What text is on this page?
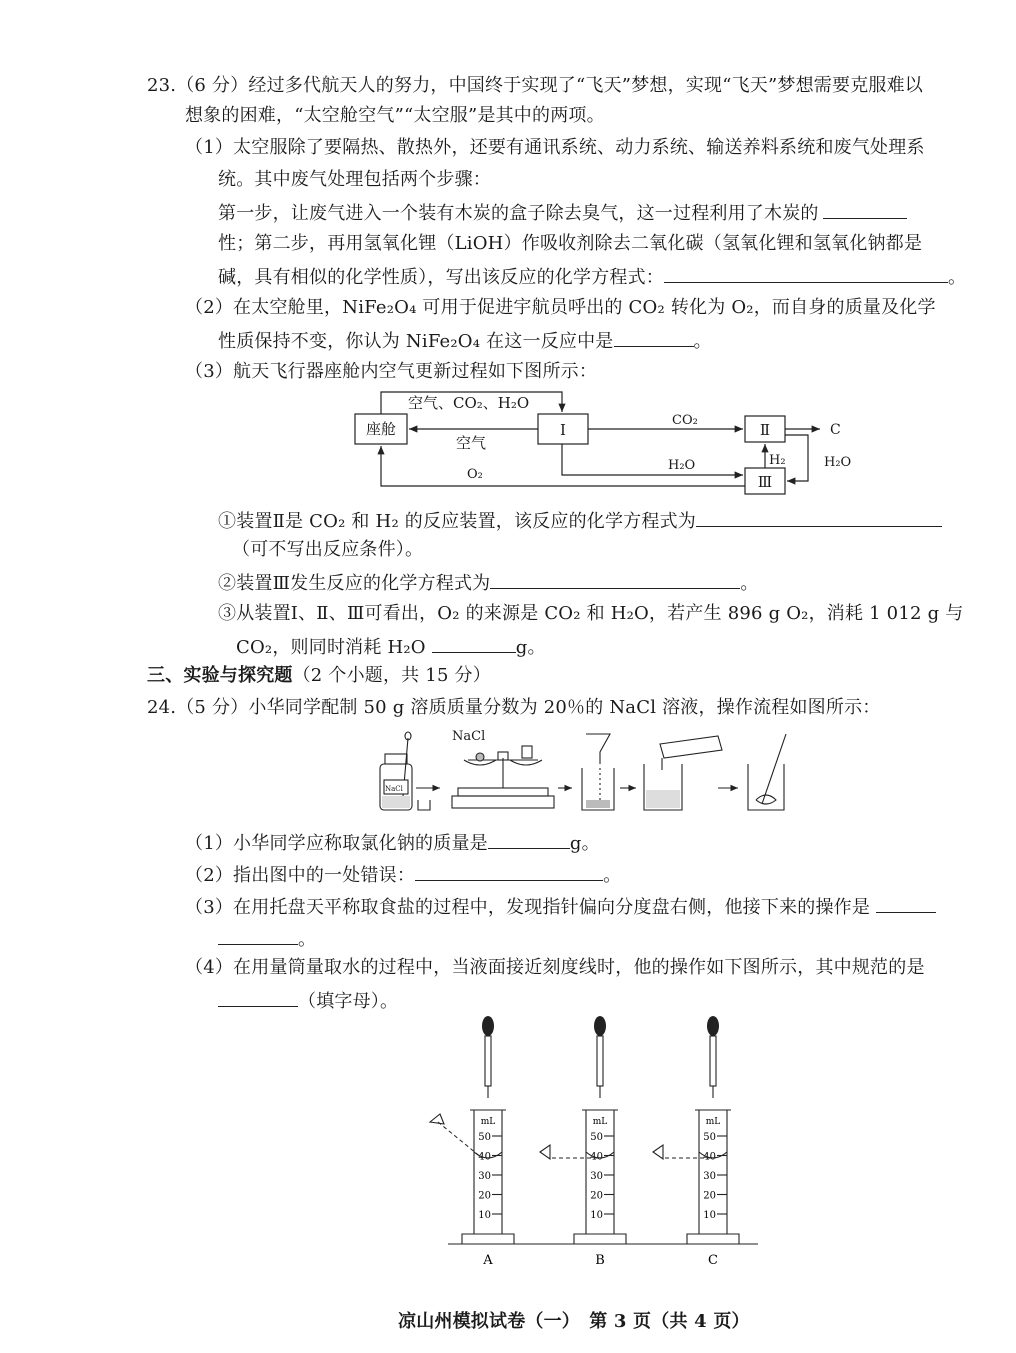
23.（6 分）经过多代航天人的努力，中国终于实现了“飞天”梦想，实现“飞天”梦想需要克服难以
想象的困难，“太空舱空气”“太空服”是其中的两项。
（1）太空服除了要隔热、散热外，还要有通讯系统、动力系统、输送养料系统和废气处理系
统。其中废气处理包括两个步骤：
第一步，让废气进入一个装有木炭的盒子除去臭气，这一过程利用了木炭的
性；第二步，再用氢氧化锂（LiOH）作吸收剂除去二氧化碳（氢氧化锂和氢氧化钠都是
碱，具有相似的化学性质），写出该反应的化学方程式：	。
（2）在太空舱里，NiFe₂O₄ 可用于促进宇航员呼出的 CO₂ 转化为 O₂，而自身的质量及化学
性质保持不变，你认为 NiFe₂O₄ 在这一反应中是	。
（3）航天飞行器座舱内空气更新过程如下图所示：
座舱	Ⅰ	Ⅱ
Ⅲ
空气、CO₂、H₂O
空气
O₂
CO₂
H₂O	H₂	H₂O
C
①装置Ⅱ是 CO₂ 和 H₂ 的反应装置，该反应的化学方程式为
（可不写出反应条件）。
②装置Ⅲ发生反应的化学方程式为	。
③从装置Ⅰ、Ⅱ、Ⅲ可看出，O₂ 的来源是 CO₂ 和 H₂O，若产生 896 g O₂，消耗 1 012 g 与
CO₂，则同时消耗 H₂O	g。
三、实验与探究题（2 个小题，共 15 分）
24.（5 分）小华同学配制 50 g 溶质质量分数为 20％的 NaCl 溶液，操作流程如图所示：
NaCl
NaCl
（1）小华同学应称取氯化钠的质量是	g。
（2）指出图中的一处错误：	。
（3）在用托盘天平称取食盐的过程中，发现指针偏向分度盘右侧，他接下来的操作是
。
（4）在用量筒量取水的过程中，当液面接近刻度线时，他的操作如下图所示，其中规范的是
（填字母）。
mL
50
40
30
20
10
A
mL
50
40
30
20
10
B
mL
50
40
30
20
10
C
凉山州模拟试卷（一）　第 3 页（共 4 页）
